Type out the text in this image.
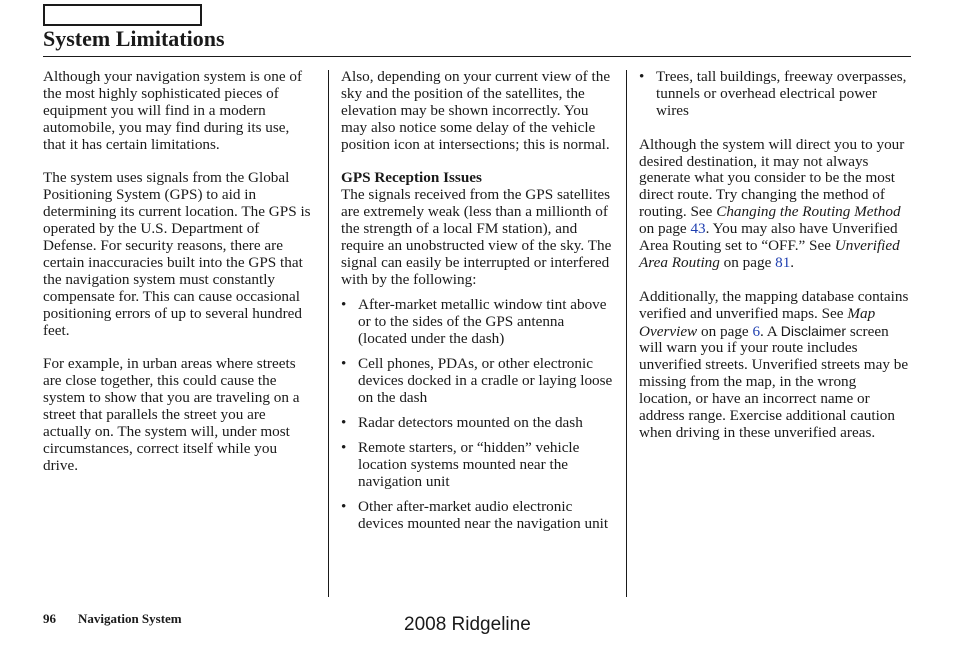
System Limitations

Although your navigation system is one of the most highly sophisticated pieces of equipment you will find in a modern automobile, you may find during its use, that it has certain limitations.

The system uses signals from the Global Positioning System (GPS) to aid in determining its current location. The GPS is operated by the U.S. Department of Defense. For security reasons, there are certain inaccuracies built into the GPS that the navigation system must constantly compensate for. This can cause occasional positioning errors of up to several hundred feet.

For example, in urban areas where streets are close together, this could cause the system to show that you are traveling on a street that parallels the street you are actually on. The system will, under most circumstances, correct itself while you drive.

Also, depending on your current view of the sky and the position of the satellites, the elevation may be shown incorrectly. You may also notice some delay of the vehicle position icon at intersections; this is normal.

GPS Reception Issues
The signals received from the GPS satellites are extremely weak (less than a millionth of the strength of a local FM station), and require an unobstructed view of the sky. The signal can easily be interrupted or interfered with by the following:
• After-market metallic window tint above or to the sides of the GPS antenna (located under the dash)
• Cell phones, PDAs, or other electronic devices docked in a cradle or laying loose on the dash
• Radar detectors mounted on the dash
• Remote starters, or “hidden” vehicle location systems mounted near the navigation unit
• Other after-market audio electronic devices mounted near the navigation unit
• Trees, tall buildings, freeway overpasses, tunnels or overhead electrical power wires

Although the system will direct you to your desired destination, it may not always generate what you consider to be the most direct route. Try changing the method of routing. See Changing the Routing Method on page 43. You may also have Unverified Area Routing set to “OFF.” See Unverified Area Routing on page 81.

Additionally, the mapping database contains verified and unverified maps. See Map Overview on page 6. A Disclaimer screen will warn you if your route includes unverified streets. Unverified streets may be missing from the map, in the wrong location, or have an incorrect name or address range. Exercise additional caution when driving in these unverified areas.

96 Navigation System	2008 Ridgeline
